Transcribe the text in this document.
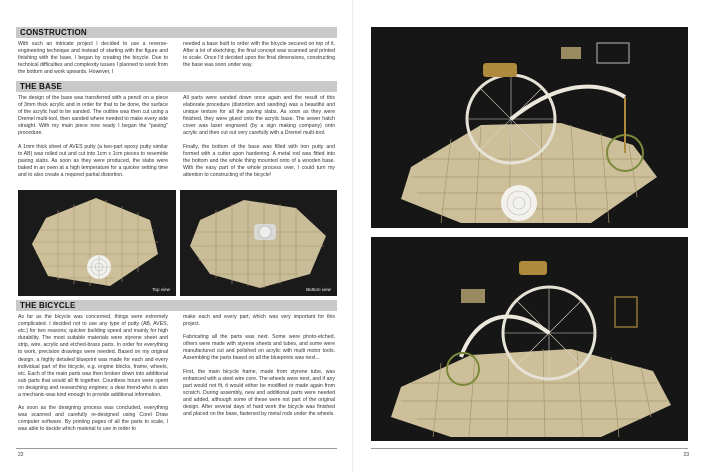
CONSTRUCTION

With such an intricate project I decided to use a reverse-engineering technique and instead of starting with the figure and finishing with the base, I began by creating the bicycle. Due to technical difficulties and complexity issues I planned to work from the bottom and work upwards. However, I

needed a base built to order with the bicycle secured on top of it. After a lot of sketching, the final concept was scanned and printed to scale. Once I'd decided upon the final dimensions, constructing the base was soon under way.

THE BASE

The design of the base was transferred with a pencil on a piece of 3mm thick acrylic and in order for that to be done, the surface of the acrylic had to be sanded. The outline was then cut using a Dremel multi-tool, then sanded where needed to make every side straight. With my main piece now ready I began the "paving" procedure.

A 1mm thick sheet of AVES putty (a two-part epoxy putty similar to AB) was rolled out and cut into 1cm x 1cm pieces to resemble paving slabs. As soon as they were produced, the slabs were baked in an oven at a high temperature for a quicker setting time and to also create a required partial distortion.

All parts were sanded down once again and the result of this elaborate procedure (distortion and sanding) was a beautiful and unique texture for all the paving slabs. As soon as they were finished, they were glued onto the acrylic base. The sewer hatch cover was laser engraved (by a sign making company) onto acrylic and then cut out very carefully with a Dremel multi-tool.

Finally, the bottom of the base was filled with iron putty and formed with a cutter upon hardening. A metal rod was fitted into the bottom and the whole thing mounted onto of a wooden base. With the easy part of the whole process over, I could turn my attention to constructing of the bicycle!

Top view	Bottom view
THE BICYCLE

As far as the bicycle was concerned, things were extremely complicated. I decided not to use any type of putty (AB, AVES, etc.) for two reasons; quicker building speed and mainly for high durability. The most suitable materials were styrene sheet and strip, wire, acrylic and etched-brass parts. In order for everything to work, precision drawings were needed. Based on my original design, a highly detailed blueprint was made for each and every individual part of the bicycle, e.g. engine blocks, frame, wheels, etc. Each of the main parts was then broken down into additional sub parts that would all fit together. Countless hours were spent on designing and researching engines; a dear friend-who is also a mechanic-was kind enough to provide additional information.

As soon as the designing process was concluded, everything was scanned and carefully re-designed using Corel Draw computer software. By printing pages of all the parts to scale, I was able to decide which material to use in order to

make each and every part, which was very important for this project.

Fabricating all the parts was next. Some were photo-etched, others were made with styrene sheets and tubes, and some were manufactured cut and polished on acrylic with multi motor tools. Assembling the parts based on all the blueprints was next...

First, the main bicycle frame, made from styrene tube, was enhanced with a steel wire core. The wheels were next, and if any part would not fit, it would either be modified or made again from scratch. During assembly, new and additional parts were needed and added, although some of these were not part of the original design. After several days of hard work the bicycle was finished and placed on the base, fastened by metal rods under the wheels.

22	23
